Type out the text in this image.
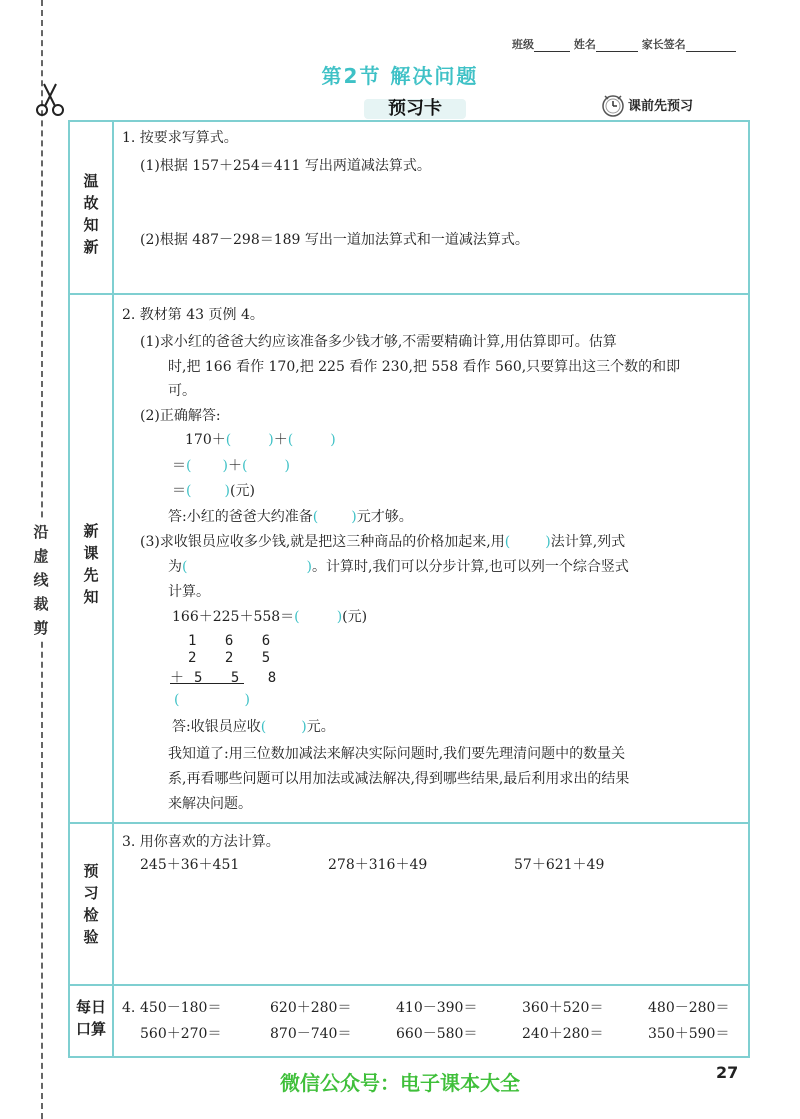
沿
虚
线
裁
剪
班级	姓名	家长签名
第2节 解决问题
预习卡	课前先预习
温
故
知
新
1. 按要求写算式。
(1)根据 157＋254＝411 写出两道减法算式。
(2)根据 487－298＝189 写出一道加法算式和一道减法算式。
新
课
先
知
2. 教材第 43 页例 4。
(1)求小红的爸爸大约应该准备多少钱才够,不需要精确计算,用估算即可。估算
时,把 166 看作 170,把 225 看作 230,把 558 看作 560,只要算出这三个数的和即
可。
(2)正确解答:
170＋	＋
＝	＋
＝	(元)
答:小红的爸爸大约准备	元才够。
(3)求收银员应收多少钱,就是把这三种商品的价格加起来,用	法计算,列式
为	。计算时,我们可以分步计算,也可以列一个综合竖式
计算。
166＋225＋558＝	(元)
1 6 6
2 2 5
＋5 5 8
答:收银员应收	元。
我知道了:用三位数加减法来解决实际问题时,我们要先理清问题中的数量关
系,再看哪些问题可以用加法或减法解决,得到哪些结果,最后利用求出的结果
来解决问题。
预
习
检
验
3. 用你喜欢的方法计算。
245＋36＋451	278＋316＋49	57＋621＋49
每日
口算
4. 450－180＝	620＋280＝	410－390＝	360＋520＝	480－280＝
560＋270＝	870－740＝	660－580＝	240＋280＝	350＋590＝
微信公众号：电子课本大全	27
